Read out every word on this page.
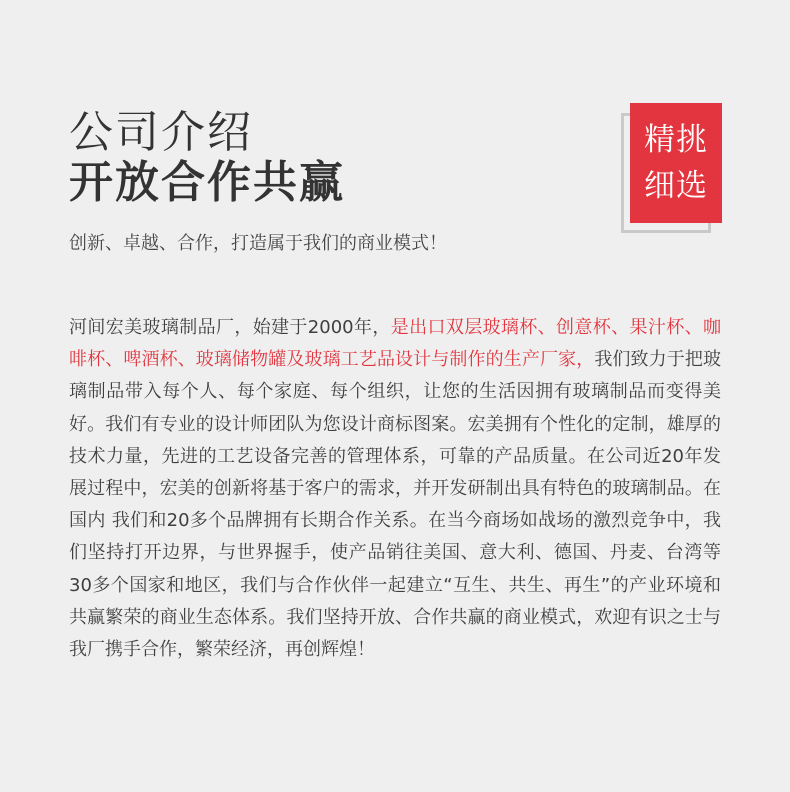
公司介绍
开放合作共赢

创新、卓越、合作，打造属于我们的商业模式！

精挑
细选

河间宏美玻璃制品厂，始建于2000年，是出口双层玻璃杯、创意杯、果汁杯、咖啡杯、啤酒杯、玻璃储物罐及玻璃工艺品设计与制作的生产厂家，我们致力于把玻璃制品带入每个人、每个家庭、每个组织，让您的生活因拥有玻璃制品而变得美好。我们有专业的设计师团队为您设计商标图案。宏美拥有个性化的定制，雄厚的技术力量，先进的工艺设备完善的管理体系，可靠的产品质量。在公司近20年发展过程中，宏美的创新将基于客户的需求，并开发研制出具有特色的玻璃制品。在国内 我们和20多个品牌拥有长期合作关系。在当今商场如战场的激烈竞争中，我们坚持打开边界，与世界握手，使产品销往美国、意大利、德国、丹麦、台湾等30多个国家和地区，我们与合作伙伴一起建立“互生、共生、再生”的产业环境和共赢繁荣的商业生态体系。我们坚持开放、合作共赢的商业模式，欢迎有识之士与我厂携手合作，繁荣经济，再创辉煌！
